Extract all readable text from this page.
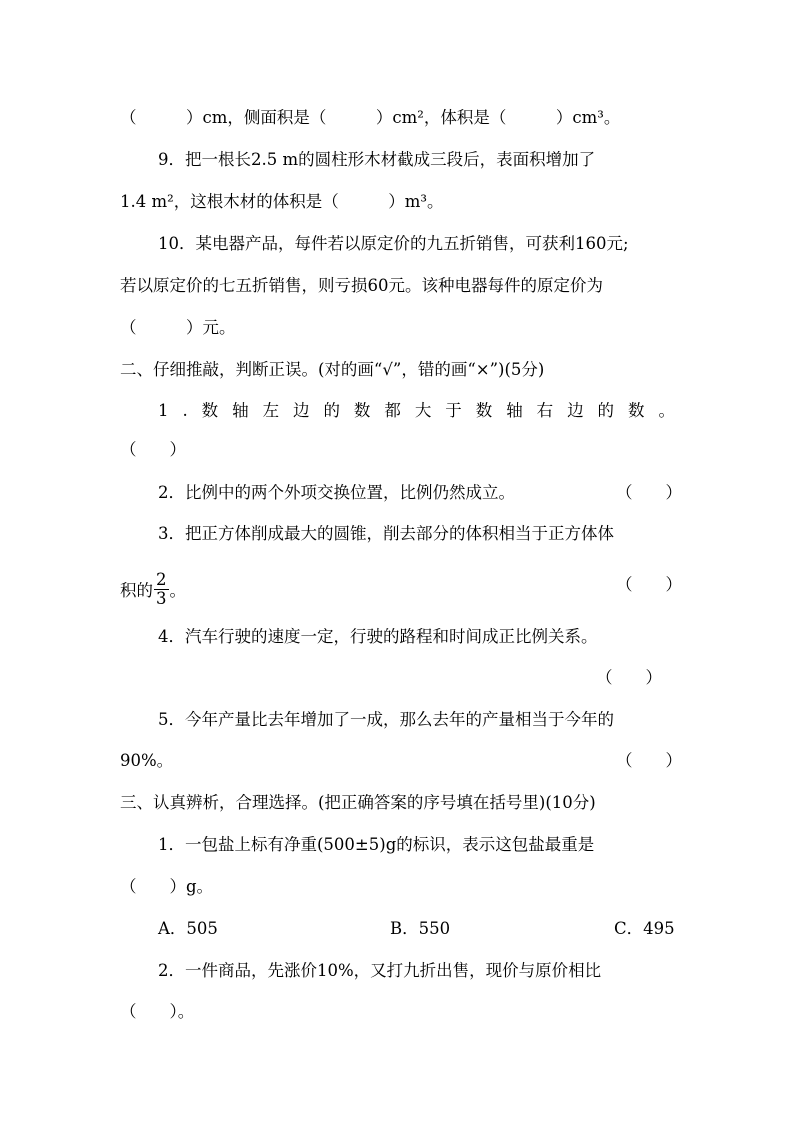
（　　　）cm，侧面积是（　　　）cm²，体积是（　　　）cm³。
9．把一根长2.5 m的圆柱形木材截成三段后，表面积增加了
1.4 m²，这根木材的体积是（　　　）m³。
10．某电器产品，每件若以原定价的九五折销售，可获利160元;
若以原定价的七五折销售，则亏损60元。该种电器每件的原定价为
（　　　）元。
二、仔细推敲，判断正误。(对的画“√”，错的画“×”)(5分)
1 . 数 轴 左 边 的 数 都 大 于 数 轴 右 边 的 数 。
（　　）
2．比例中的两个外项交换位置，比例仍然成立。	（　　）
3．把正方体削成最大的圆锥，削去部分的体积相当于正方体体
积的 $\frac{2}{3}$ 。	（　　）
4．汽车行驶的速度一定，行驶的路程和时间成正比例关系。
（　　）
5．今年产量比去年增加了一成，那么去年的产量相当于今年的
90%。	（　　）
三、认真辨析，合理选择。(把正确答案的序号填在括号里)(10分)
1．一包盐上标有净重(500±5)g的标识，表示这包盐最重是
（　　）g。
A．505	B．550	C．495
2．一件商品，先涨价10%，又打九折出售，现价与原价相比
（　　）。
